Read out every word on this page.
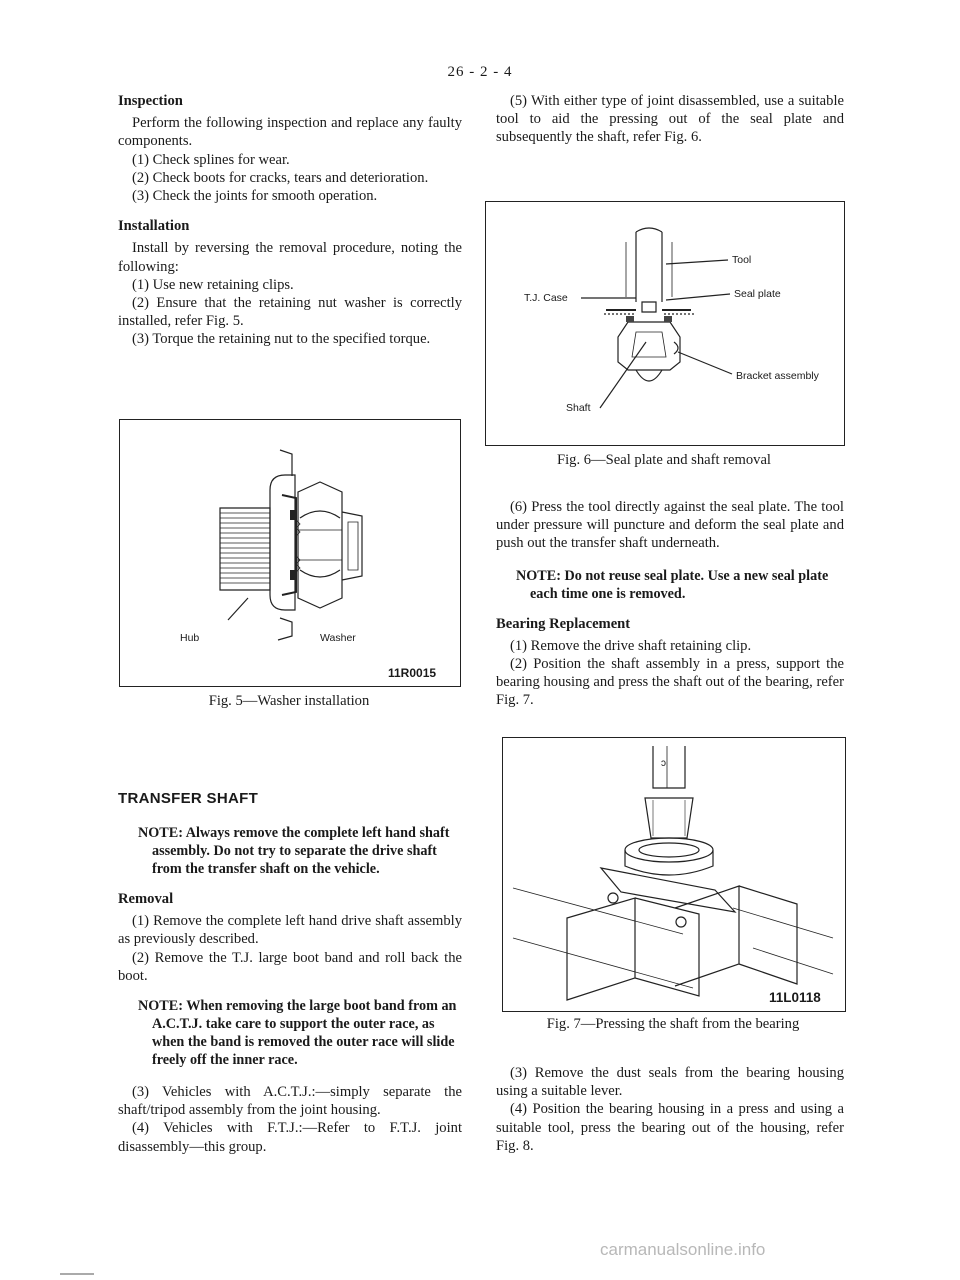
26 - 2 - 4
Inspection

Perform the following inspection and replace any faulty components.

(1) Check splines for wear.

(2) Check boots for cracks, tears and deterioration.

(3) Check the joints for smooth operation.

Installation

Install by reversing the removal procedure, noting the following:

(1) Use new retaining clips.

(2) Ensure that the retaining nut washer is correctly installed, refer Fig. 5.

(3) Torque the retaining nut to the specified torque.

Hub	Washer
11R0015
Fig. 5—Washer installation
TRANSFER SHAFT

NOTE: Always remove the complete left hand shaft assembly. Do not try to separate the drive shaft from the transfer shaft on the vehicle.

Removal

(1) Remove the complete left hand drive shaft assembly as previously described.

(2) Remove the T.J. large boot band and roll back the boot.

NOTE: When removing the large boot band from an A.C.T.J. take care to support the outer race, as when the band is removed the outer race will slide freely off the inner race.

(3) Vehicles with A.C.T.J.:—simply separate the shaft/tripod assembly from the joint housing.

(4) Vehicles with F.T.J.:—Refer to F.T.J. joint disassembly—this group.

(5) With either type of joint disassembled, use a suitable tool to aid the pressing out of the seal plate and subsequently the shaft, refer Fig. 6.

Tool
T.J. Case	Seal plate
Bracket assembly
Shaft
Fig. 6—Seal plate and shaft removal

(6) Press the tool directly against the seal plate. The tool under pressure will puncture and deform the seal plate and push out the transfer shaft underneath.

NOTE: Do not reuse seal plate. Use a new seal plate each time one is removed.

Bearing Replacement

(1) Remove the drive shaft retaining clip.

(2) Position the shaft assembly in a press, support the bearing housing and press the shaft out of the bearing, refer Fig. 7.

ↄ
11L0118
Fig. 7—Pressing the shaft from the bearing

(3) Remove the dust seals from the bearing housing using a suitable lever.

(4) Position the bearing housing in a press and using a suitable tool, press the bearing out of the housing, refer Fig. 8.

carmanualsonline.info
